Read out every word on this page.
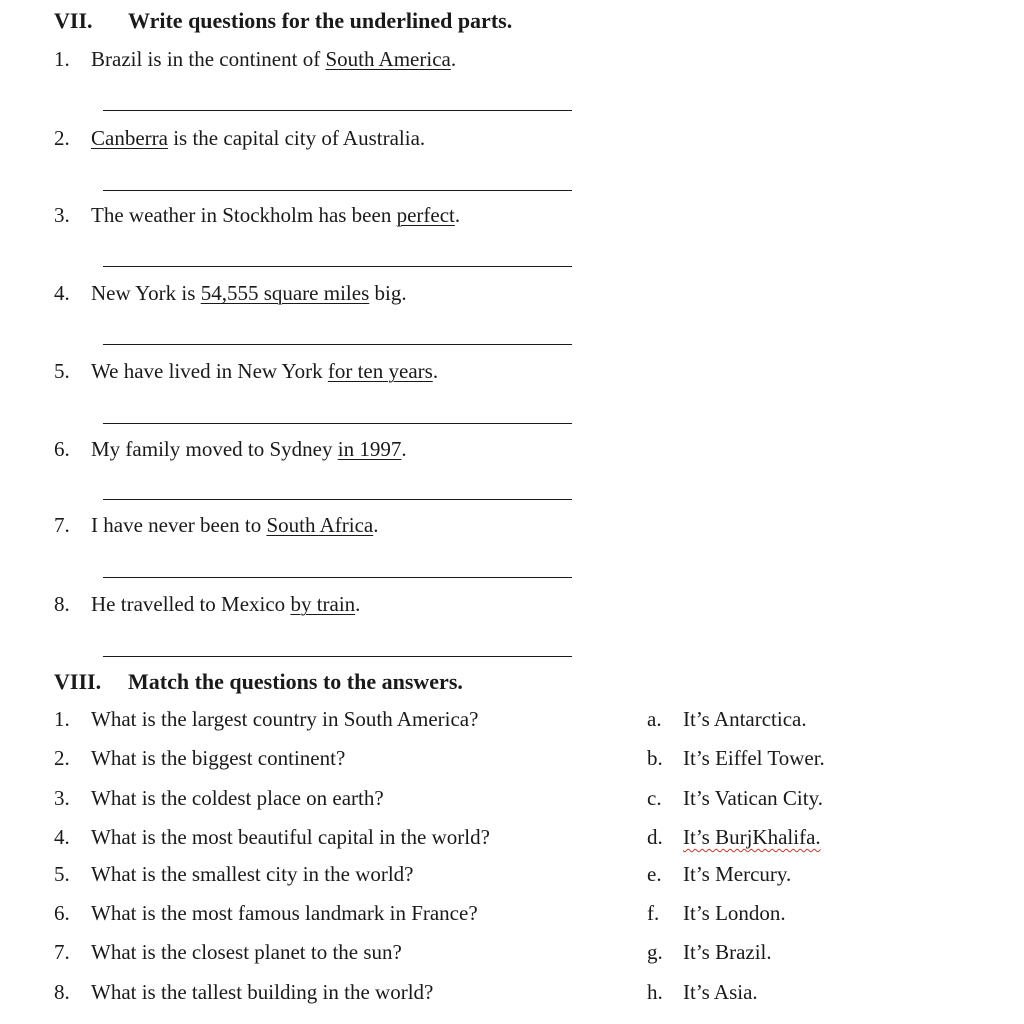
VII. Write questions for the underlined parts.
1. Brazil is in the continent of South America.
2. Canberra is the capital city of Australia.
3. The weather in Stockholm has been perfect.
4. New York is 54,555 square miles big.
5. We have lived in New York for ten years.
6. My family moved to Sydney in 1997.
7. I have never been to South Africa.
8. He travelled to Mexico by train.
VIII. Match the questions to the answers.
1. What is the largest country in South America?
2. What is the biggest continent?
3. What is the coldest place on earth?
4. What is the most beautiful capital in the world?
5. What is the smallest city in the world?
6. What is the most famous landmark in France?
7. What is the closest planet to the sun?
8. What is the tallest building in the world?
a. It’s Antarctica.
b. It’s Eiffel Tower.
c. It’s Vatican City.
d. It’s BurjKhalifa.
e. It’s Mercury.
f. It’s London.
g. It’s Brazil.
h. It’s Asia.
